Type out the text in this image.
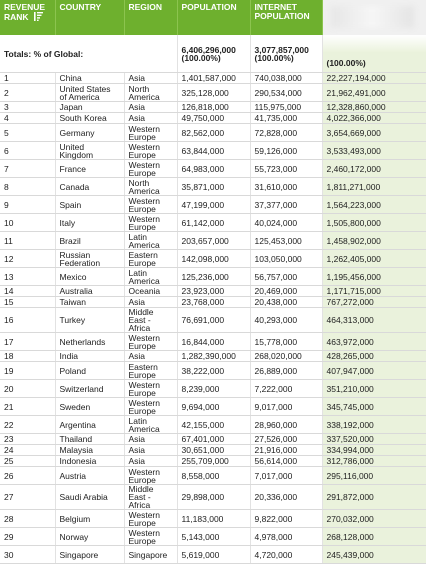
REVENUE RANK	COUNTRY	REGION	POPULATION	INTERNET POPULATION	
Totals: % of Global:			6,406,296,000 (100.00%)	3,077,857,000 (100.00%)	(100.00%)
1	China	Asia	1,401,587,000	740,038,000	22,227,194,000
2	United States of America	North America	325,128,000	290,534,000	21,962,491,000
3	Japan	Asia	126,818,000	115,975,000	12,328,860,000
4	South Korea	Asia	49,750,000	41,735,000	4,022,366,000
5	Germany	Western Europe	82,562,000	72,828,000	3,654,669,000
6	United Kingdom	Western Europe	63,844,000	59,126,000	3,533,493,000
7	France	Western Europe	64,983,000	55,723,000	2,460,172,000
8	Canada	North America	35,871,000	31,610,000	1,811,271,000
9	Spain	Western Europe	47,199,000	37,377,000	1,564,223,000
10	Italy	Western Europe	61,142,000	40,024,000	1,505,800,000
11	Brazil	Latin America	203,657,000	125,453,000	1,458,902,000
12	Russian Federation	Eastern Europe	142,098,000	103,050,000	1,262,405,000
13	Mexico	Latin America	125,236,000	56,757,000	1,195,456,000
14	Australia	Oceania	23,923,000	20,469,000	1,171,715,000
15	Taiwan	Asia	23,768,000	20,438,000	767,272,000
16	Turkey	Middle East - Africa	76,691,000	40,293,000	464,313,000
17	Netherlands	Western Europe	16,844,000	15,778,000	463,972,000
18	India	Asia	1,282,390,000	268,020,000	428,265,000
19	Poland	Eastern Europe	38,222,000	26,889,000	407,947,000
20	Switzerland	Western Europe	8,239,000	7,222,000	351,210,000
21	Sweden	Western Europe	9,694,000	9,017,000	345,745,000
22	Argentina	Latin America	42,155,000	28,960,000	338,192,000
23	Thailand	Asia	67,401,000	27,526,000	337,520,000
24	Malaysia	Asia	30,651,000	21,916,000	334,994,000
25	Indonesia	Asia	255,709,000	56,614,000	312,786,000
26	Austria	Western Europe	8,558,000	7,017,000	295,116,000
27	Saudi Arabia	Middle East - Africa	29,898,000	20,336,000	291,872,000
28	Belgium	Western Europe	11,183,000	9,822,000	270,032,000
29	Norway	Western Europe	5,143,000	4,978,000	268,128,000
30	Singapore	Singapore	5,619,000	4,720,000	245,439,000
